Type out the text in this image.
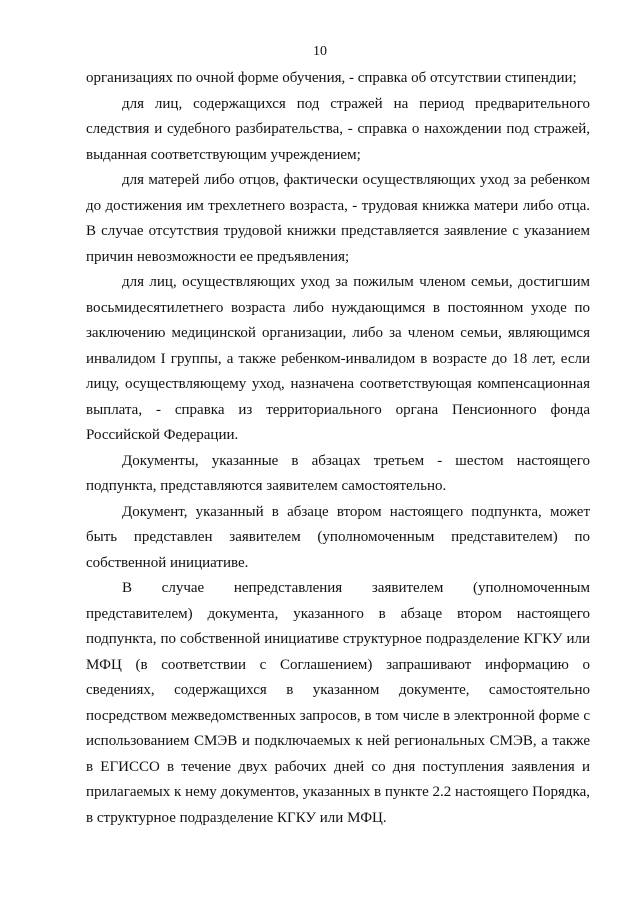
10

организациях по очной форме обучения, - справка об отсутствии стипендии;

для лиц, содержащихся под стражей на период предварительного следствия и судебного разбирательства, - справка о нахождении под стражей, выданная соответствующим учреждением;

для матерей либо отцов, фактически осуществляющих уход за ребенком до достижения им трехлетнего возраста, - трудовая книжка матери либо отца. В случае отсутствия трудовой книжки представляется заявление с указанием причин невозможности ее предъявления;

для лиц, осуществляющих уход за пожилым членом семьи, достигшим восьмидесятилетнего возраста либо нуждающимся в постоянном уходе по заключению медицинской организации, либо за членом семьи, являющимся инвалидом I группы, а также ребенком-инвалидом в возрасте до 18 лет, если лицу, осуществляющему уход, назначена соответствующая компенсационная выплата, - справка из территориального органа Пенсионного фонда Российской Федерации.

Документы, указанные в абзацах третьем - шестом настоящего подпункта, представляются заявителем самостоятельно.

Документ, указанный в абзаце втором настоящего подпункта, может быть представлен заявителем (уполномоченным представителем) по собственной инициативе.

В случае непредставления заявителем (уполномоченным представителем) документа, указанного в абзаце втором настоящего подпункта, по собственной инициативе структурное подразделение КГКУ или МФЦ (в соответствии с Соглашением) запрашивают информацию о сведениях, содержащихся в указанном документе, самостоятельно посредством межведомственных запросов, в том числе в электронной форме с использованием СМЭВ и подключаемых к ней региональных СМЭВ, а также в ЕГИССО в течение двух рабочих дней со дня поступления заявления и прилагаемых к нему документов, указанных в пункте 2.2 настоящего Порядка, в структурное подразделение КГКУ или МФЦ.
